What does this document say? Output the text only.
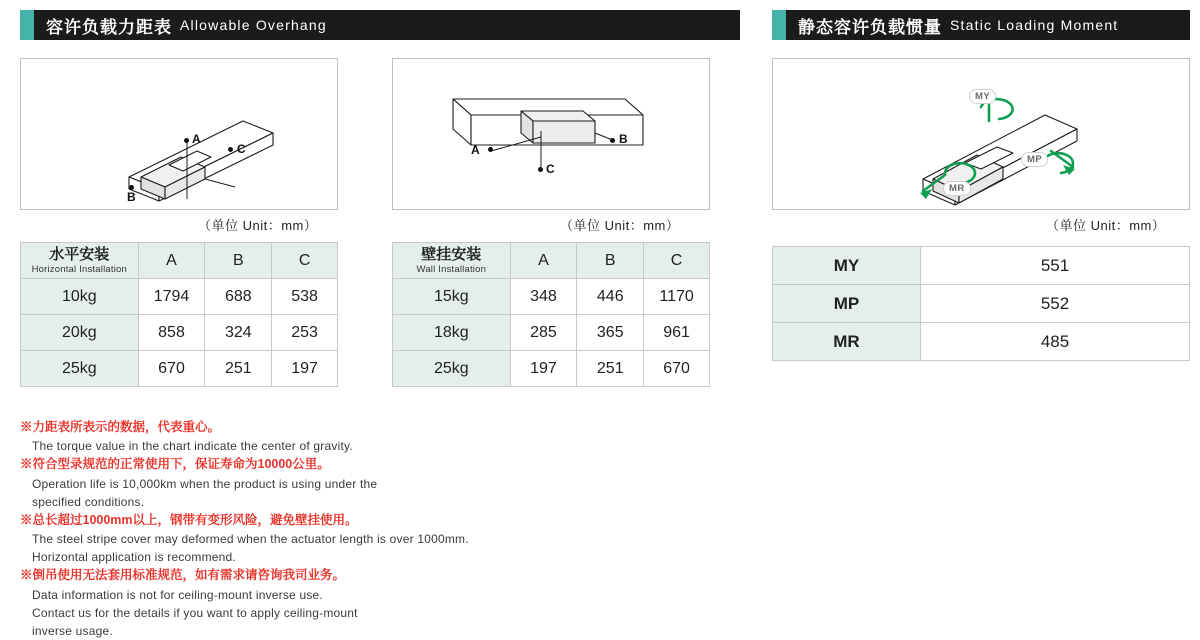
容许负载力距表 Allowable Overhang	静态容许负载惯量 Static Loading Moment
A
B
C
（单位 Unit：mm）
A
B
C
（单位 Unit：mm）
MY
MP
MR
（单位 Unit：mm）
水平安装
Horizontal Installation	A	B	C
10kg	1794	688	538
20kg	858	324	253
25kg	670	251	197
壁挂安装
Wall Installation	A	B	C
15kg	348	446	1170
18kg	285	365	961
25kg	197	251	670
MY	551
MP	552
MR	485
※力距表所表示的数据，代表重心。
The torque value in the chart indicate the center of gravity.
※符合型录规范的正常使用下，保证寿命为10000公里。
Operation life is 10,000km when the product is using under the
specified conditions.
※总长超过1000mm以上，钢带有变形风险，避免壁挂使用。
The steel stripe cover may deformed when the actuator length is over 1000mm.
Horizontal application is recommend.
※倒吊使用无法套用标准规范，如有需求请咨询我司业务。
Data information is not for ceiling-mount inverse use.
Contact us for the details if you want to apply ceiling-mount
inverse usage.
